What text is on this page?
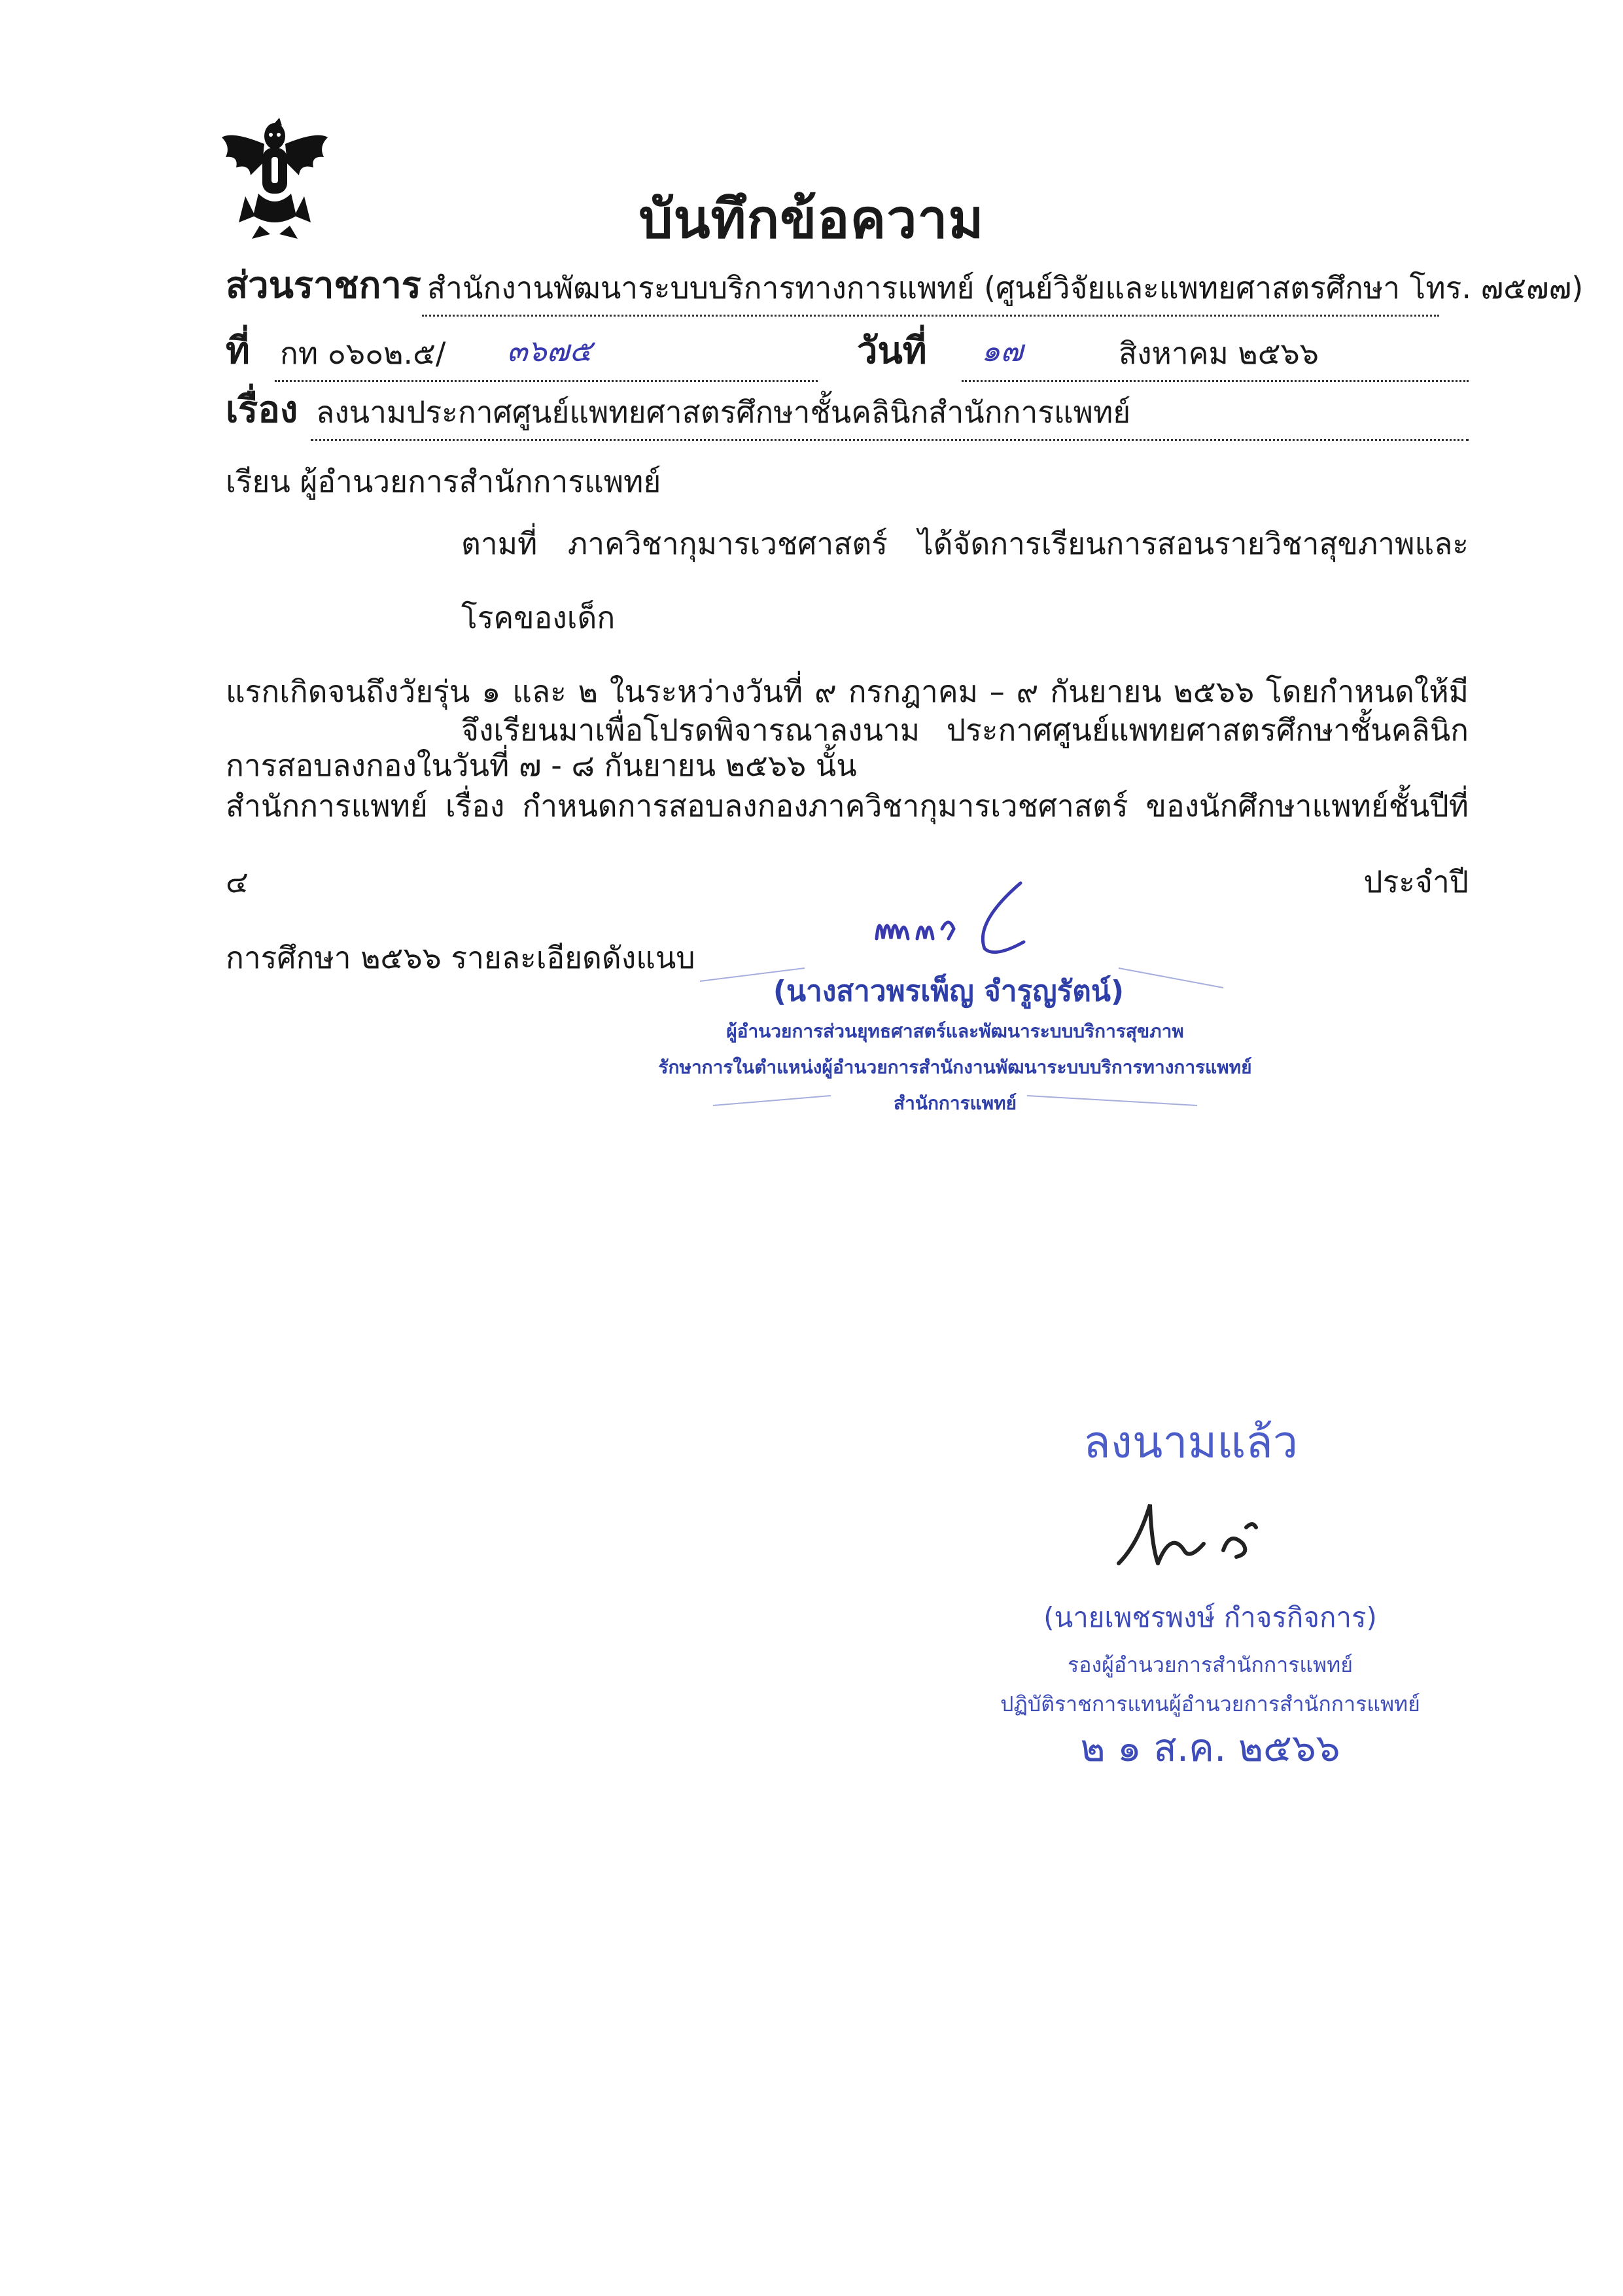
บันทึกข้อความ
ส่วนราชการ สำนักงานพัฒนาระบบบริการทางการแพทย์ (ศูนย์วิจัยและแพทยศาสตรศึกษา โทร. ๗๕๗๗)
ที่ กท ๐๖๐๒.๕/ ๓๖๗๕	วันที่ ๑๗	สิงหาคม ๒๕๖๖
เรื่อง ลงนามประกาศศูนย์แพทยศาสตรศึกษาชั้นคลินิกสำนักการแพทย์
เรียน ผู้อำนวยการสำนักการแพทย์
ตามที่ ภาควิชากุมารเวชศาสตร์ ได้จัดการเรียนการสอนรายวิชาสุขภาพและโรคของเด็ก
แรกเกิดจนถึงวัยรุ่น ๑ และ ๒ ในระหว่างวันที่ ๙ กรกฎาคม – ๙ กันยายน ๒๕๖๖ โดยกำหนดให้มี
การสอบลงกองในวันที่ ๗ - ๘ กันยายน ๒๕๖๖ นั้น
จึงเรียนมาเพื่อโปรดพิจารณาลงนาม ประกาศศูนย์แพทยศาสตรศึกษาชั้นคลินิก
สำนักการแพทย์ เรื่อง กำหนดการสอบลงกองภาควิชากุมารเวชศาสตร์ ของนักศึกษาแพทย์ชั้นปีที่ ๔ ประจำปี
การศึกษา ๒๕๖๖ รายละเอียดดังแนบ
(นางสาวพรเพ็ญ จำรูญรัตน์)
ผู้อำนวยการส่วนยุทธศาสตร์และพัฒนาระบบบริการสุขภาพ
รักษาการในตำแหน่งผู้อำนวยการสำนักงานพัฒนาระบบบริการทางการแพทย์
สำนักการแพทย์
ลงนามแล้ว
(นายเพชรพงษ์ กำจรกิจการ)
รองผู้อำนวยการสำนักการแพทย์
ปฏิบัติราชการแทนผู้อำนวยการสำนักการแพทย์
๒ ๑ ส.ค. ๒๕๖๖
